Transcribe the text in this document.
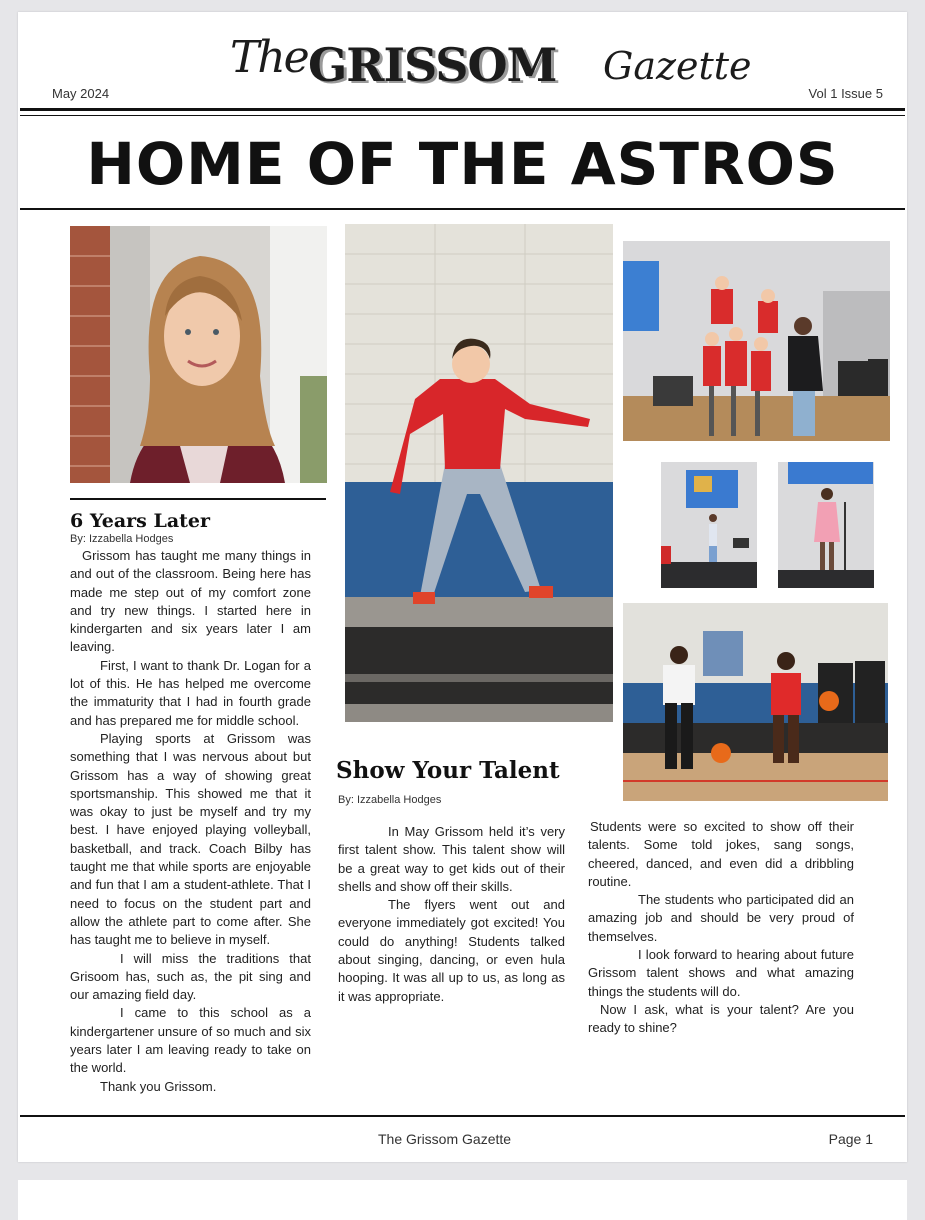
May 2024
The GRISSOM Gazette
Vol 1 Issue 5
HOME OF THE ASTROS
6 Years Later
By: Izzabella Hodges

Grissom has taught me many things in and out of the classroom. Being here has made me step out of my comfort zone and try new things. I started here in kindergarten and six years later I am leaving.

First, I want to thank Dr. Logan for a lot of this. He has helped me overcome the immaturity that I had in fourth grade and has prepared me for middle school.

Playing sports at Grissom was something that I was nervous about but Grissom has a way of showing great sportsmanship. This showed me that it was okay to just be myself and try my best. I have enjoyed playing volleyball, basketball, and track. Coach Bilby has taught me that while sports are enjoyable and fun that I am a student-athlete. That I need to focus on the student part and allow the athlete part to come after. She has taught me to believe in myself.

I will miss the traditions that Grisoom has, such as, the pit sing and our amazing field day.

I came to this school as a kindergartener unsure of so much and six years later I am leaving ready to take on the world.

Thank you Grissom.

Show Your Talent
By: Izzabella Hodges

In May Grissom held it’s very first talent show. This talent show will be a great way to get kids out of their shells and show off their skills.

The flyers went out and everyone immediately got excited! You could do anything! Students talked about singing, dancing, or even hula hooping. It was all up to us, as long as it was appropriate.

Students were so excited to show off their talents. Some told jokes, sang songs, cheered, danced, and even did a dribbling routine.

The students who participated did an amazing job and should be very proud of themselves.

I look forward to hearing about future Grissom talent shows and what amazing things the students will do.

Now I ask, what is your talent? Are you ready to shine?

The Grissom Gazette	Page 1
